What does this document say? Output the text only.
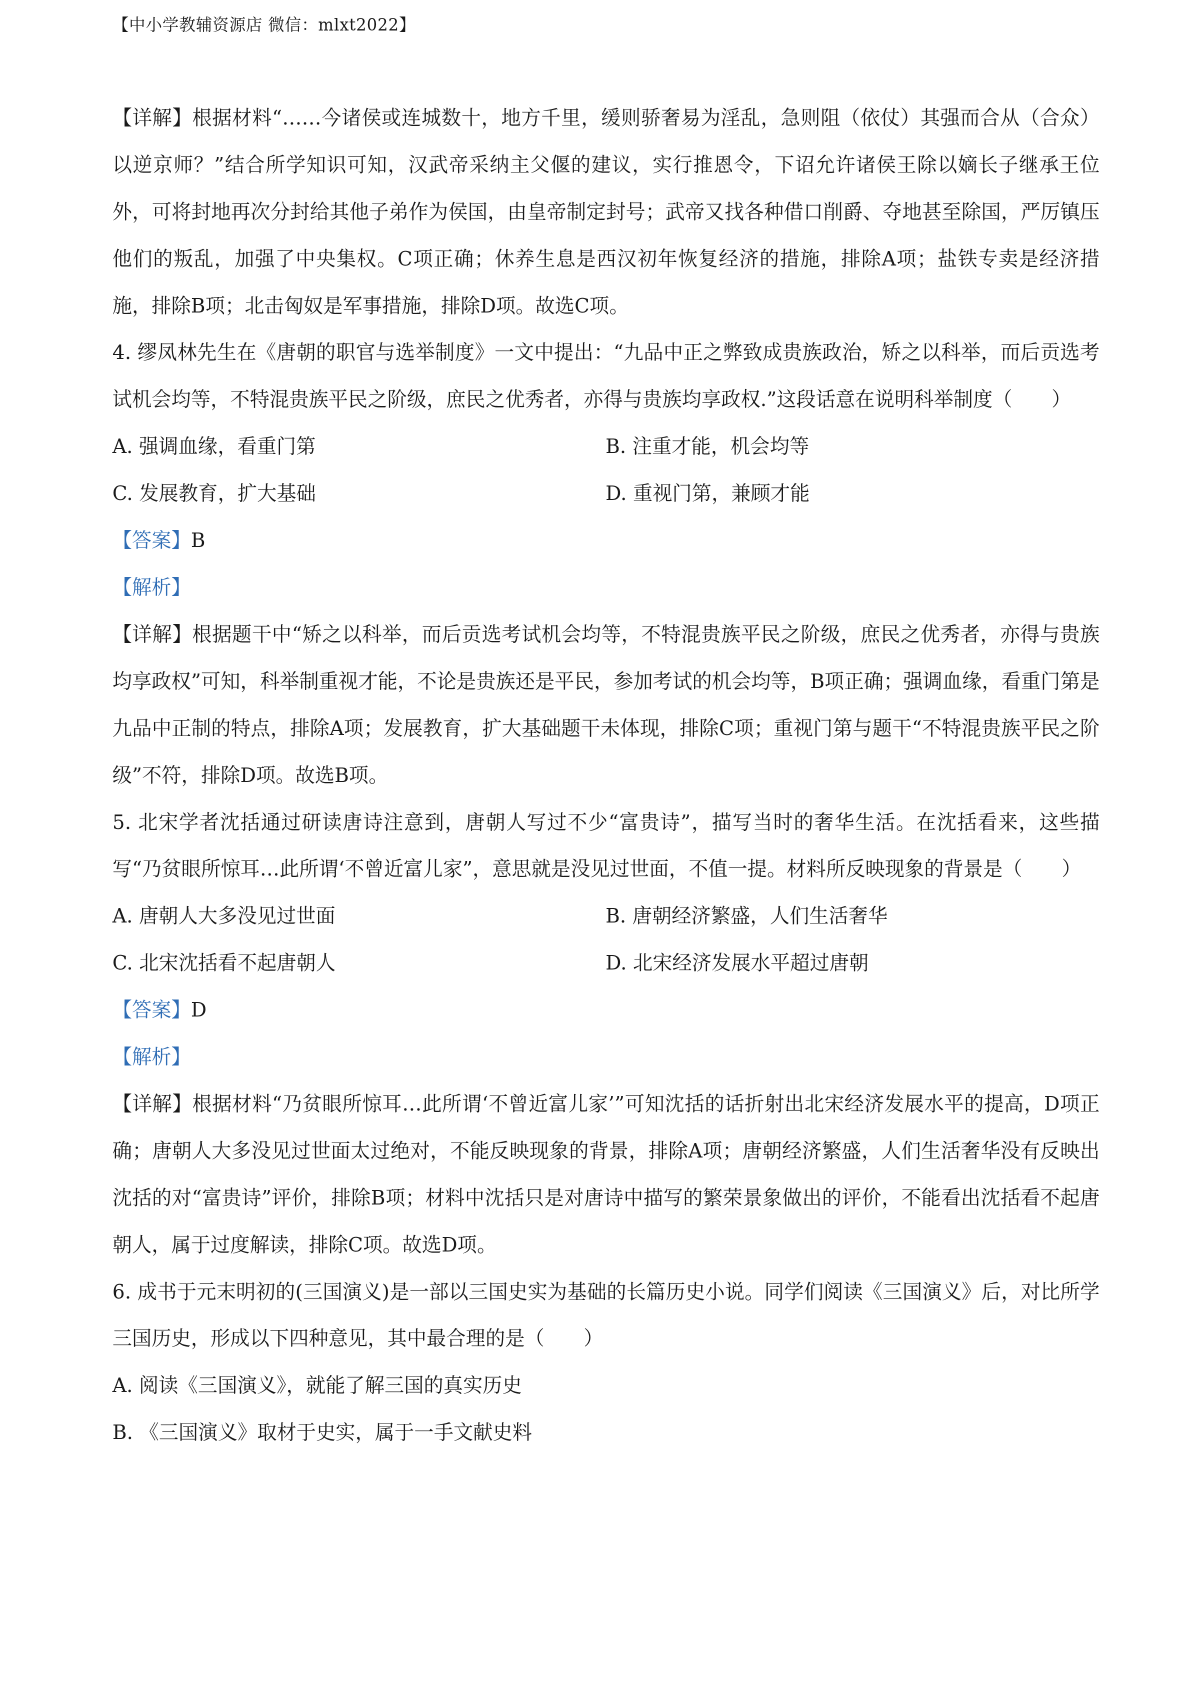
【中小学教辅资源店 微信：mlxt2022】

【详解】根据材料“……今诸侯或连城数十，地方千里，缓则骄奢易为淫乱，急则阻（依仗）其强而合从（合众）以逆京师？”结合所学知识可知，汉武帝采纳主父偃的建议，实行推恩令，下诏允许诸侯王除以嫡长子继承王位外，可将封地再次分封给其他子弟作为侯国，由皇帝制定封号；武帝又找各种借口削爵、夺地甚至除国，严厉镇压他们的叛乱，加强了中央集权。C项正确；休养生息是西汉初年恢复经济的措施，排除A项；盐铁专卖是经济措施，排除B项；北击匈奴是军事措施，排除D项。故选C项。

4. 缪凤林先生在《唐朝的职官与选举制度》一文中提出：“九品中正之弊致成贵族政治，矫之以科举，而后贡选考试机会均等，不特混贵族平民之阶级，庶民之优秀者，亦得与贵族均享政权.”这段话意在说明科举制度（　　）

A. 强调血缘，看重门第	B. 注重才能，机会均等
C. 发展教育，扩大基础	D. 重视门第，兼顾才能

【答案】B

【解析】

【详解】根据题干中“矫之以科举，而后贡选考试机会均等，不特混贵族平民之阶级，庶民之优秀者，亦得与贵族均享政权”可知，科举制重视才能，不论是贵族还是平民，参加考试的机会均等，B项正确；强调血缘，看重门第是九品中正制的特点，排除A项；发展教育，扩大基础题干未体现，排除C项；重视门第与题干“不特混贵族平民之阶级”不符，排除D项。故选B项。

5. 北宋学者沈括通过研读唐诗注意到，唐朝人写过不少“富贵诗”，描写当时的奢华生活。在沈括看来，这些描写“乃贫眼所惊耳…此所谓‘不曾近富儿家”，意思就是没见过世面，不值一提。材料所反映现象的背景是（　　）

A. 唐朝人大多没见过世面	B. 唐朝经济繁盛，人们生活奢华
C. 北宋沈括看不起唐朝人	D. 北宋经济发展水平超过唐朝

【答案】D

【解析】

【详解】根据材料“乃贫眼所惊耳…此所谓‘不曾近富儿家’”可知沈括的话折射出北宋经济发展水平的提高，D项正确；唐朝人大多没见过世面太过绝对，不能反映现象的背景，排除A项；唐朝经济繁盛，人们生活奢华没有反映出沈括的对“富贵诗”评价，排除B项；材料中沈括只是对唐诗中描写的繁荣景象做出的评价，不能看出沈括看不起唐朝人，属于过度解读，排除C项。故选D项。

6. 成书于元末明初的(三国演义)是一部以三国史实为基础的长篇历史小说。同学们阅读《三国演义》后，对比所学三国历史，形成以下四种意见，其中最合理的是（　　）

A. 阅读《三国演义》，就能了解三国的真实历史

B. 《三国演义》取材于史实，属于一手文献史料
